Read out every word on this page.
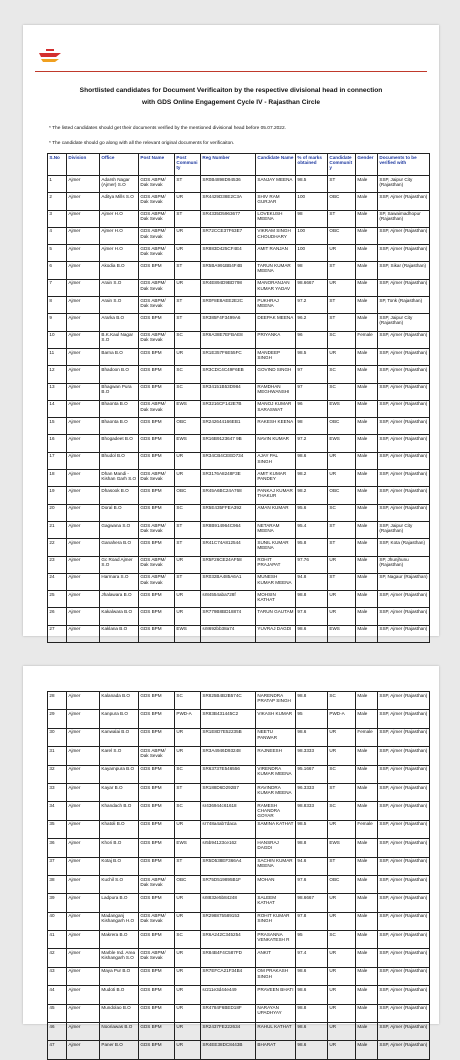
Shortlisted candidates for Document Verificaiton by the respective divisional head in connection
with GDS Online Engagement Cycle IV - Rajasthan Circle
* The listed candidates should get their documents verified by the mentioned divisional head before 05.07.2022.
* The candidate should go along with all the relevant original documents for verificaiton.
S.No	Division	Office	Post Name	Post Community	Reg Number	Candidate Name	% of marks obtained	Candidate Community	Gender	Documents to be verified with
1	Ajmer	Adarsh Nagar (Ajmer) S.O	GDS ABPM/ Dak Sevak	ST	SR0B4898D94536	SANJAY MEENA	98.5	ST	Male	SSP, Jaipur City (Rajasthan)
2	Ajmer	Aditya Mills S.O	GDS ABPM/ Dak Sevak	UR	SR4429D38E2C3A	SHIV RAM GURJAR	100	OBC	Male	SSP, Ajmer (Rajasthan)
3	Ajmer	Ajmer H.O	GDS ABPM/ Dak Sevak	ST	SR4335D5963677	LOVEKUSH MEENA	98	ST	Male	SP, Sawaimadhopur (Rajasthan)
4	Ajmer	Ajmer H.O	GDS ABPM/ Dak Sevak	UR	SR72CCE37F63E7	VIKRAM SINGH CHOUDHARY	100	OBC	Male	SSP, Ajmer (Rajasthan)
5	Ajmer	Ajmer H.O	GDS ABPM/ Dak Sevak	UR	SR883D425CF4E4	AMIT RANJAN	100	UR	Male	SSP, Ajmer (Rajasthan)
6	Ajmer	Akodia B.O	GDS BPM	ST	SR5BA991BB4F4B	TARUN KUMAR MEENA	98	ST	Male	SSP, Sikar (Rajasthan)
7	Ajmer	Arain S.O	GDS ABPM/ Dak Sevak	UR	SR4E894D9BD798	MANORANJAN KUMAR YADAV	98.6667	UR	Male	SSP, Ajmer (Rajasthan)
8	Ajmer	Arain S.O	GDS ABPM/ Dak Sevak	ST	SR0F8E8AEE2E2C	PUKHRAJ MEENA	97.2	ST	Male	SP, Tonk (Rajasthan)
9	Ajmer	Ararka B.O	GDS BPM	ST	SR385F4F3499A6	DEEPAK MEENA	96.2	ST	Male	SSP, Jaipur City (Rajasthan)
10	Ajmer	B.K.Kaul Nagar S.O	GDS ABPM/ Dak Sevak	SC	SR6A38E7EFBAE8	PRIYANKA	96	SC	Female	SSP, Ajmer (Rajasthan)
11	Ajmer	Barna B.O	GDS BPM	UR	SR1E357F6E55FC	MANDEEP SINGH	98.5	UR	Male	SSP, Ajmer (Rajasthan)
12	Ajmer	Bhadoon B.O	GDS BPM	SC	SR3CDC4C49F6EB	GOVIND SINGH	97	SC	Male	SSP, Ajmer (Rajasthan)
13	Ajmer	Bhagwan Pura B.O	GDS BPM	SC	SR34151B53D984	RAMDHAN MEGHWANSHI	97	SC	Male	SSP, Ajmer (Rajasthan)
14	Ajmer	Bhaonta B.O	GDS ABPM/ Dak Sevak	EWS	SR3216CF142E7B	MANOJ KUMAR SARASWAT	96	EWS	Male	SSP, Ajmer (Rajasthan)
15	Ajmer	Bhaonta B.O	GDS BPM	OBC	SR242644166EB1	RAKESH KEENA	98	OBC	Male	SSP, Ajmer (Rajasthan)
16	Ajmer	Bhogadeet B.O	GDS BPM	EWS	SR16B9123647 9B	NAVIN KUMAR	97.2	EWS	Male	SSP, Ajmer (Rajasthan)
17	Ajmer	Bhudol B.O	GDS BPM	UR	SR34CB4CEED734	AJAY PAL SINGH	98.6	UR	Male	SSP, Ajmer (Rajasthan)
18	Ajmer	Dhan Mandi - Kishan Garh S.O	GDS ABPM/ Dak Sevak	UR	SR3176A8248F3E	AMIT KUMAR PANDEY	98.2	UR	Male	SSP, Ajmer (Rajasthan)
19	Ajmer	Dhasook B.O	GDS BPM	OBC	SR45A6BC24A768	PANKAJ KUMAR THAKUR	98.2	OBC	Male	SSP, Ajmer (Rajasthan)
20	Ajmer	Doral B.O	GDS BPM	SC	SR5E435FFEA392	AMAN KUMAR	95.6	SC	Male	SSP, Ajmer (Rajasthan)
21	Ajmer	Gagwana S.O	GDS ABPM/ Dak Sevak	ST	SR8B914964C964	NETARAM MEENA	95.4	ST	Male	SSP, Jaipur City (Rajasthan)
22	Ajmer	Ganahera B.O	GDS BPM	ST	SR41C74A812544	SUNIL KUMAR MEENA	95.8	ST	Male	SSP, Kota (Rajasthan)
23	Ajmer	Gc Road Ajmer S.O	GDS ABPM/ Dak Sevak	UR	SR5F26CE24AF58	ROHIT PRAJAPAT	97.76	UR	Male	SP, Jhunjhunu (Rajasthan)
24	Ajmer	Harmara S.O	GDS ABPM/ Dak Sevak	ST	SR032BA485A6A1	MUNESH KUMAR MEENA	94.8	ST	Male	SP, Nagaur (Rajasthan)
25	Ajmer	Jhalawara B.O	GDS BPM	UR	sr84554aba728f	MOHSIN KATHAT	98.8	UR	Male	SSP, Ajmer (Rajasthan)
26	Ajmer	Kakalwara B.O	GDS BPM	UR	SR779B8BD18874	TARUN GAUTAM	97.6	UR	Male	SSP, Ajmer (Rajasthan)
27	Ajmer	Kaklana B.O	GDS BPM	EWS	sr8692bb38a74	YUVRAJ DAGDI	98.6	EWS	Male	SSP, Ajmer (Rajasthan)
28	Ajmer	Kalanada B.O	GDS BPM	SC	SR825B4B2B574C	NARENDRA PRATAP SINGH	98.8	SC	Male	SSP, Ajmer (Rajasthan)
29	Ajmer	Kanpura B.O	GDS BPM	PWD-A	SR83B431445C2	VIKASH KUMAR	95	PWD-A	Male	SSP, Ajmer (Rajasthan)
30	Ajmer	Kanwalai B.O	GDS BPM	UR	SR1E8D7E52235B	NEETU PANWAR	98.6	UR	Female	SSP, Ajmer (Rajasthan)
31	Ajmer	Karel S.O	GDS ABPM/ Dak Sevak	UR	SR3A4946D93248	RAJNEESH	98.3333	UR	Male	SSP, Ajmer (Rajasthan)
32	Ajmer	Kayampura B.O	GDS BPM	SC	SR63737E546556	VIRENDRA KUMAR MEENA	95.1667	SC	Male	SSP, Ajmer (Rajasthan)
33	Ajmer	Kayar B.O	GDS BPM	ST	SR188D6D292B7	RAVINDRA KUMAR MEENA	96.3333	ST	Male	SSP, Ajmer (Rajasthan)
34	Ajmer	Khandach B.O	GDS BPM	SC	sr436944c61618	RAMESH CHANDRA GOYAR	98.8333	SC	Male	SSP, Ajmer (Rajasthan)
35	Ajmer	Khatoli B.O	GDS BPM	UR	sr748a4ab7daca	SAMINA KATHAT	98.5	UR	Female	SSP, Ajmer (Rajasthan)
36	Ajmer	Khori B.O	GDS BPM	EWS	sr5b94123ce162	HANSRAJ DAGDI	98.8	EWS	Male	SSP, Ajmer (Rajasthan)
37	Ajmer	Kotaj B.O	GDS BPM	ST	SR5D538EF366A4	SACHIN KUMAR MEENA	94.6	ST	Male	SSP, Ajmer (Rajasthan)
38	Ajmer	Kuchil S.O	GDS ABPM/ Dak Sevak	OBC	SR75D519895B1F	MOHAN	97.6	OBC	Male	SSP, Ajmer (Rajasthan)
39	Ajmer	Ladpura B.O	GDS BPM	UR	sr8832e5b84248	SALEEM KATHAT	98.6667	UR	Male	SSP, Ajmer (Rajasthan)
40	Ajmer	Madanganj Kishangarh H.O	GDS ABPM/ Dak Sevak	UR	SR298875589153	ROHIT KUMAR SINGH	97.8	UR	Male	SSP, Ajmer (Rajasthan)
41	Ajmer	Makrera B.O	GDS BPM	SC	SR6A242C345254	PRASANNA VENKATESH R	95	SC	Male	SSP, Ajmer (Rajasthan)
42	Ajmer	Marble Ind. Area Kishangarh S.O	GDS ABPM/ Dak Sevak	UR	SR84B4F4C587FD	ANKIT	97.4	UR	Male	SSP, Ajmer (Rajasthan)
43	Ajmer	Maya Pur B.O	GDS BPM	UR	SR7EFCA21F34B4	OM PRAKASH SINGH	98.6	UR	Male	SSP, Ajmer (Rajasthan)
44	Ajmer	Mudoti B.O	GDS BPM	UR	sr211e3d44e449	PRAVEEN BHATI	98.6	UR	Male	SSP, Ajmer (Rajasthan)
45	Ajmer	Mundolao B.O	GDS BPM	UR	SR4784F6BED18F	NARAYAN UPADHYAY	98.8	UR	Male	SSP, Ajmer (Rajasthan)
46	Ajmer	Nooriawas B.O	GDS BPM	UR	SR2437FE222634	RAHUL KATHAT	98.6	UR	Male	SSP, Ajmer (Rajasthan)
47	Ajmer	Paner B.O	GDS BPM	UR	SR4EE38DC8443B	BHARAT	98.6	UR	Male	SSP, Ajmer (Rajasthan)
